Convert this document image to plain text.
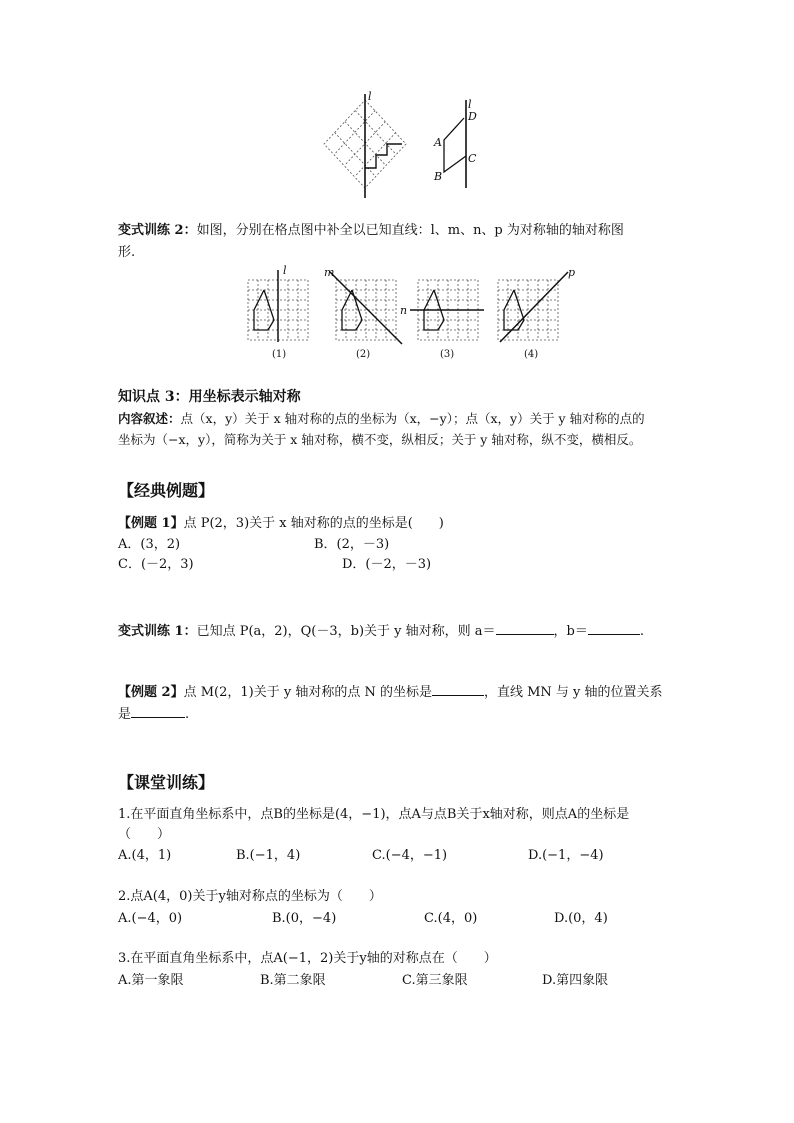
l
l
D
A
C
B
变式训练 2：如图，分别在格点图中补全以已知直线：l、m、n、p 为对称轴的轴对称图
形.
l	m
n
p
(1)	(2)	(3)	(4)
知识点 3：用坐标表示轴对称
内容叙述：点（x，y）关于 x 轴对称的点的坐标为（x，−y）；点（x，y）关于 y 轴对称的点的
坐标为（−x，y），简称为关于 x 轴对称，横不变，纵相反；关于 y 轴对称，纵不变，横相反。
【经典例题】
【例题 1】点 P(2，3)关于 x 轴对称的点的坐标是(　　)
A．(3，2)	B．(2，－3)
C．(－2，3)	D．(－2，－3)
变式训练 1：已知点 P(a，2)，Q(－3，b)关于 y 轴对称，则 a＝	，b＝	.
【例题 2】点 M(2，1)关于 y 轴对称的点 N 的坐标是	，直线 MN 与 y 轴的位置关系
是	.
【课堂训练】
1.在平面直角坐标系中，点B的坐标是(4，−1)，点A与点B关于x轴对称，则点A的坐标是
（　　）
A.(4，1)	B.(−1，4)	C.(−4，−1)	D.(−1，−4)
2.点A(4，0)关于y轴对称点的坐标为（　　）
A.(−4，0)	B.(0，−4)	C.(4，0)	D.(0，4)
3.在平面直角坐标系中，点A(−1，2)关于y轴的对称点在（　　）
A.第一象限	B.第二象限	C.第三象限	D.第四象限
